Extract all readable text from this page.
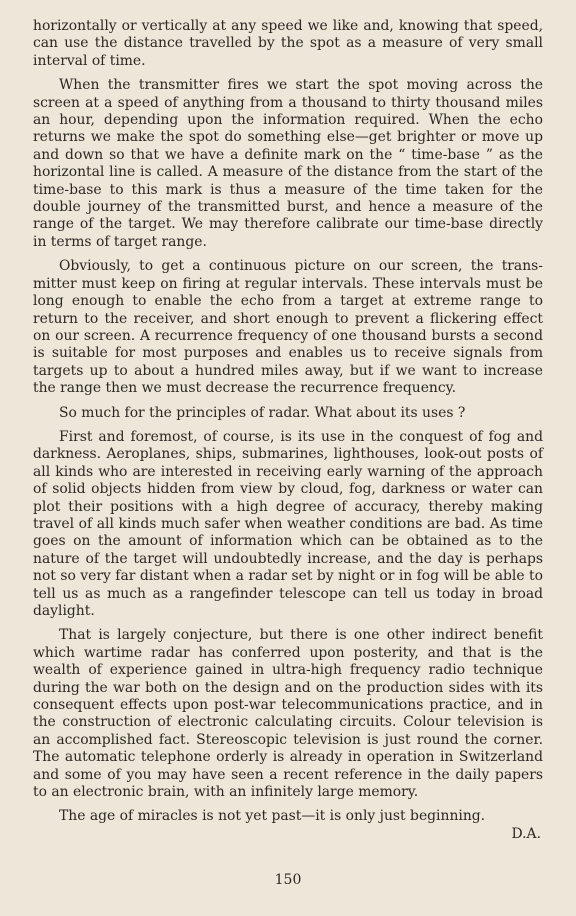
horizontally or vertically at any speed we like and, knowing that speed, can use the distance travelled by the spot as a measure of very small interval of time.

When the transmitter fires we start the spot moving across the screen at a speed of anything from a thousand to thirty thousand miles an hour, depending upon the information required. When the echo returns we make the spot do something else—get brighter or move up and down so that we have a definite mark on the “ time-base ” as the horizontal line is called. A measure of the distance from the start of the time-base to this mark is thus a measure of the time taken for the double journey of the transmitted burst, and hence a measure of the range of the target. We may therefore calibrate our time-base directly in terms of target range.

Obviously, to get a continuous picture on our screen, the transmitter must keep on firing at regular intervals. These intervals must be long enough to enable the echo from a target at extreme range to return to the receiver, and short enough to prevent a flickering effect on our screen. A recurrence frequency of one thousand bursts a second is suitable for most purposes and enables us to receive signals from targets up to about a hundred miles away, but if we want to increase the range then we must decrease the recurrence frequency.

So much for the principles of radar. What about its uses ?

First and foremost, of course, is its use in the conquest of fog and darkness. Aeroplanes, ships, submarines, lighthouses, look-out posts of all kinds who are interested in receiving early warning of the approach of solid objects hidden from view by cloud, fog, darkness or water can plot their positions with a high degree of accuracy, thereby making travel of all kinds much safer when weather conditions are bad. As time goes on the amount of information which can be obtained as to the nature of the target will undoubtedly increase, and the day is perhaps not so very far distant when a radar set by night or in fog will be able to tell us as much as a rangefinder telescope can tell us today in broad daylight.

That is largely conjecture, but there is one other indirect benefit which wartime radar has conferred upon posterity, and that is the wealth of experience gained in ultra-high frequency radio technique during the war both on the design and on the production sides with its consequent effects upon post-war telecommunications practice, and in the construction of electronic calculating circuits. Colour television is an accomplished fact. Stereoscopic television is just round the corner. The automatic telephone orderly is already in operation in Switzerland and some of you may have seen a recent reference in the daily papers to an electronic brain, with an infinitely large memory.

The age of miracles is not yet past—it is only just beginning.

D.A.

150
